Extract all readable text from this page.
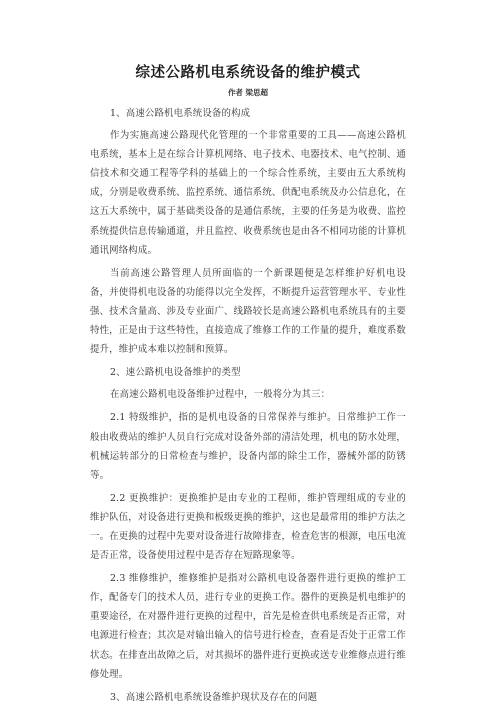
综述公路机电系统设备的维护模式
作者 梁思超

1、高速公路机电系统设备的构成

作为实施高速公路现代化管理的一个非常重要的工具——高速公路机电系统，基本上是在综合计算机网络、电子技术、电器技术、电气控制、通信技术和交通工程等学科的基础上的一个综合性系统，主要由五大系统构成，分别是收费系统、监控系统、通信系统、供配电系统及办公信息化，在这五大系统中，属于基础类设备的是通信系统，主要的任务是为收费、监控系统提供信息传输通道，并且监控、收费系统也是由各不相同功能的计算机通讯网络构成。

当前高速公路管理人员所面临的一个新课题便是怎样维护好机电设备，并使得机电设备的功能得以完全发挥，不断提升运营管理水平、专业性强、技术含量高、涉及专业面广、线路较长是高速公路机电系统具有的主要特性，正是由于这些特性，直接造成了维修工作的工作量的提升，难度系数提升，维护成本难以控制和预算。

2、速公路机电设备维护的类型

在高速公路机电设备维护过程中，一般将分为其三：

2.1 特级维护，指的是机电设备的日常保养与维护。日常维护工作一般由收费站的维护人员自行完成对设备外部的清洁处理，机电的防水处理，机械运转部分的日常检查与维护，设备内部的除尘工作，器械外部的防锈等。

2.2 更换维护：更换维护是由专业的工程师，维护管理组成的专业的维护队伍，对设备进行更换和板级更换的维护，这也是最常用的维护方法之一。在更换的过程中先要对设备进行故障排查，检查危害的根源，电压电流是否正常，设备使用过程中是否存在短路现象等。

2.3 维修维护，维修维护是指对公路机电设备器件进行更换的维护工作，配备专门的技术人员，进行专业的更换工作。器件的更换是机电维护的重要途径，在对器件进行更换的过程中，首先是检查供电系统是否正常，对电源进行检查；其次是对输出输入的信号进行检查，查看是否处于正常工作状态。在排查出故障之后，对其损坏的器件进行更换或送专业维修点进行维修处理。

3、高速公路机电系统设备维护现状及存在的问题
